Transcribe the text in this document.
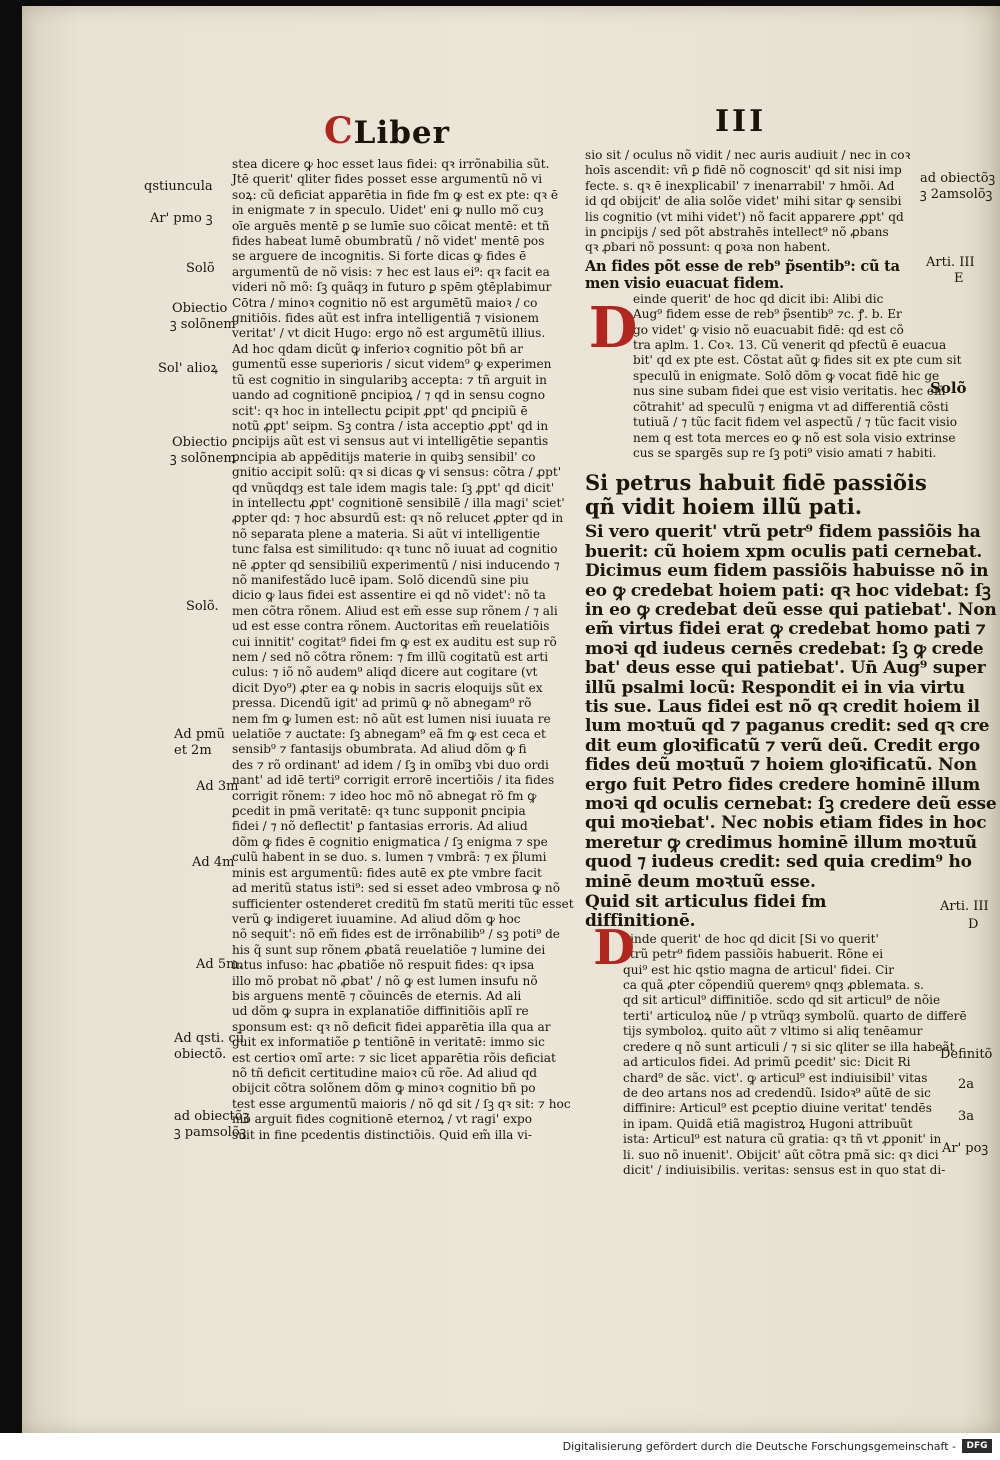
CLiber	III
stea dicere ꝙ hoc esset laus fidei: qꝛ irrõnabilia sũt.
Jtē querit' qliter fides posset esse argumentũ nõ vi
soꝝ: cũ deficiat apparētia in fide fm ꝙ est ex pte: qꝛ ē
in enigmate ⁊ in speculo. Uidet' eni ꝙ nullo mõ cuȝ
oīe arguēs mentē ꝑ se lumīe suo cõicat mentē: et tñ
fides habeat lumē obumbratũ / nõ videt' mentē pos
se arguere de incognitis. Si forte dicas ꝙ fides ē
argumentũ de nõ visis: ⁊ hec est laus ei⁹: qꝛ facit ea
videri nõ mõ: ſꝫ quãqȝ in futuro ꝑ spēm ꝯtēplabimur
Cōtra / minoꝛ cognitio nõ est argumētũ maioꝛ / co
gnitiōis. fides aũt est infra intelligentiã ⁊ visionem
veritat' / vt dicit Hugo: ergo nõ est argumētũ illius.
Ad hoc qdam dicũt ꝙ inferioꝛ cognitio põt bñ ar
gumentũ esse superioris / sicut videm⁹ ꝙ experimen
tũ est cognitio in singularibꝫ accepta: ⁊ tñ arguit in
uando ad cognitionē ꝑncipioꝝ / ⁊ qd in sensu cogno
scit': qꝛ hoc in intellectu ꝑcipit ꝓpt' qd ꝑncipiũ ē
notũ ꝓpt' seipm. Sꝫ contra / ista acceptio ꝓpt' qd in
ꝑncipijs aũt est vi sensus aut vi intelligētie sepantis
ꝑncipia ab appēditijs materie in quibꝫ sensibil' co
gnitio accipit solũ: qꝛ si dicas ꝙ vi sensus: cõtra / ꝓpt'
qd vnũqdqȝ est tale idem magis tale: ſꝫ ꝓpt' qd dicit'
in intellectu ꝓpt' cognitionē sensibilē / illa magi' sciet'
ꝓpter qd: ⁊ hoc absurdũ est: qꝛ nõ relucet ꝓpter qd in
nõ separata plene a materia. Si aũt vi intelligentie
tunc falsa est similitudo: qꝛ tunc nõ iuuat ad cognitio
nē ꝓpter qd sensibiliũ experimentũ / nisi inducendo ⁊
nõ manifestãdo lucē ipam. Solõ dicendũ sine piu
dicio ꝙ laus fidei est assentire ei qd nõ videt': nõ ta
men cõtra rõnem. Aliud est em̃ esse sup rõnem / ⁊ ali
ud est esse contra rõnem. Auctoritas em̃ reuelatiõis
cui innitit' cogitat⁹ fidei fm ꝙ est ex auditu est sup rõ
nem / sed nõ cõtra rõnem: ⁊ fm illũ cogitatũ est arti
culus: ⁊ iõ nõ audem⁹ aliqd dicere aut cogitare (vt
dicit Dyo⁹) ꝓter ea ꝙ nobis in sacris eloquijs sũt ex
pressa. Dicendũ igit' ad primũ ꝙ nõ abnegam⁹ rõ
nem fm ꝙ lumen est: nõ aũt est lumen nisi iuuata re
uelatiõe ⁊ auctate: ſꝫ abnegam⁹ eã fm ꝙ est ceca et
sensib⁹ ⁊ fantasijs obumbrata. Ad aliud dõm ꝙ fi
des ⁊ rõ ordinant' ad idem / ſꝫ in omĩbꝫ vbi duo ordi
nant' ad idē terti⁹ corrigit errorē incertiõis / ita fides
corrigit rõnem: ⁊ ideo hoc mõ nõ abnegat rõ fm ꝙ
ꝑcedit in pmã veritatē: qꝛ tunc supponit ꝑncipia
fidei / ⁊ nõ deflectit' ꝑ fantasias erroris. Ad aliud
dõm ꝙ fides ē cognitio enigmatica / ſꝫ enigma ⁊ spe
culũ habent in se duo. s. lumen ⁊ vmbrã: ⁊ ex p̃lumi
minis est argumentũ: fides autē ex ꝑte vmbre facit
ad meritũ status isti⁹: sed si esset adeo vmbrosa ꝙ nõ
sufficienter ostenderet creditũ fm statũ meriti tũc esset
verũ ꝙ indigeret iuuamine. Ad aliud dõm ꝙ hoc
nõ sequit': nõ em̃ fides est de irrõnabilib⁹ / sꝫ poti⁹ de
his q̃ sunt sup rõnem ꝓbatã reuelatiõe ⁊ lumine dei
intus infuso: hac ꝓbatiõe nõ respuit fides: qꝛ ipsa
illo mõ probat nõ ꝓbat' / nõ ꝙ est lumen insufu nõ
bis arguens mentē ⁊ cõuincēs de eternis. Ad ali
ud dõm ꝙ supra in explanatiõe diffinitiõis aplĩ re
sponsum est: qꝛ nõ deficit fidei apparētia illa qua ar
guit ex informatiõe ꝑ tentiõnē in veritatē: immo sic
est certioꝛ omĩ arte: ⁊ sic licet apparētia rõis deficiat
nõ tñ deficit certitudine maioꝛ cũ rõe. Ad aliud qd
obijcit cõtra solõnem dõm ꝙ minoꝛ cognitio bñ po
test esse argumentũ maioris / nõ qd sit / ſꝫ qꝛ sit: ⁊ hoc
mõ arguit fides cognitionē eternoꝝ / vt ragi' expo
suit in fine pcedentis distinctiõis. Quid em̃ illa vi-
sio sit / oculus nõ vidit / nec auris audiuit / nec in coꝛ
hoīs ascendit: vñ ꝑ fidē nõ cognoscit' qd sit nisi imp
fecte. s. qꝛ ē inexplicabil' ⁊ inenarrabil' ⁊ hmõi. Ad
id qd obijcit' de alia solõe videt' mihi sitar ꝙ sensibi
lis cognitio (vt mihi videt') nõ facit apparere ꝓpt' qd
in ꝑncipijs / sed põt abstrahēs intellect⁹ nõ ꝓbans
qꝛ ꝓbari nõ possunt: q ꝑoꝛa non habent.
An fides põt esse de reb⁹ p̃sentib⁹: cũ ta
men visio euacuat fidem.
einde querit' de hoc qd dicit ibi: Alibi dic
Aug⁹ fidem esse de reb⁹ p̃sentib⁹ ⁊c. ꝭ. b. Er
go videt' ꝙ visio nõ euacuabit fidē: qd est cõ
tra aplm. 1. Coꝛ. 13. Cũ venerit qd pfectũ ē euacua
bit' qd ex pte est. Cõstat aũt ꝙ fides sit ex pte cum sit
speculũ in enigmate. Solõ dõm ꝙ vocat fidē hic ge
nus sine subam fidei que est visio veritatis. hec em̃
cõtrahit' ad speculũ ⁊ enigma vt ad differentiã cõsti
tutiuã / ⁊ tũc facit fidem vel aspectũ / ⁊ tũc facit visio
nem q est tota merces eo ꝙ nõ est sola visio extrinse
cus se spargēs sup re ſꝫ poti⁹ visio amati ⁊ habiti.
Si petrus habuit fidē passiõis
qñ vidit hoiem illũ pati.
Si vero querit' vtrũ petr⁹ fidem passiõis ha
buerit: cũ hoiem xpm oculis pati cernebat.
Dicimus eum fidem passiõis habuisse nõ in
eo ꝙ credebat hoiem pati: qꝛ hoc videbat: ſꝫ
in eo ꝙ credebat deũ esse qui patiebat'. Non
em̃ virtus fidei erat ꝙ credebat homo pati ⁊
moꝛi qd iudeus cernēs credebat: ſꝫ ꝙ crede
bat' deus esse qui patiebat'. Un̄ Aug⁹ super
illũ psalmi locũ: Respondit ei in via virtu
tis sue. Laus fidei est nõ qꝛ credit hoiem il
lum moꝛtuũ qd ⁊ paganus credit: sed qꝛ cre
dit eum gloꝛificatũ ⁊ verũ deũ. Credit ergo
fides deũ moꝛtuũ ⁊ hoiem gloꝛificatũ. Non
ergo fuit Petro fides credere hominē illum
moꝛi qd oculis cernebat: ſꝫ credere deũ esse
qui moꝛiebat'. Nec nobis etiam fides in hoc
meretur ꝙ credimus hominē illum moꝛtuũ
quod ⁊ iudeus credit: sed quia credim⁹ ho
minē deum moꝛtuũ esse.
Quid sit articulus fidei fm diffinitionē.
einde querit' de hoc qd dicit [Si vo querit'
vtrũ petr⁹ fidem passiõis habuerit. Rõne ei
qui⁹ est hic qstio magna de articul' fidei. Cir
ca quã ꝓter cõpendiũ queremꝰ qnqȝ ꝓblemata. s.
qd sit articul⁹ diffinitiõe. scdo qd sit articul⁹ de nõie
terti' articuloꝝ nũe / p vtrũqȝ symbolũ. quarto de differē
tijs symboloꝝ. quito aũt ⁊ vltimo si aliq tenēamur
credere q nõ sunt articuli / ⁊ si sic qliter se illa habeãt
ad articulos fidei. Ad primũ ꝑcedit' sic: Dicit Ri
chard⁹ de sãc. vict'. ꝙ articul⁹ est indiuisibil' vitas
de deo artans nos ad credendũ. Isidoꝛ⁹ aũtē de sic
diffinire: Articul⁹ est ꝑceptio diuine veritat' tendēs
in ipam. Quidã etiã magistroꝝ Hugoni attribuũt
ista: Articul⁹ est natura cũ gratia: qꝛ tñ vt ꝓponit' in
li. suo nõ inuenit'. Obijcit' aũt cõtra pmã sic: qꝛ dici
dicit' / indiuisibilis. veritas: sensus est in quo stat di-
D
D
qstiuncula
Ar' pmo ꝫ
Solõ
Obiectio
ꝫ solõnem
Sol' alioꝝ
Obiectio
ꝫ solõnem
Solõ.
Ad pmũ
et 2m
Ad 3m
Ad 4m
Ad 5m.
Ad qsti. cũ
obiectõ.
ad obiectõꝫ
ꝫ pamsolõꝫ
ad obiectõꝫ
ꝫ 2amsolõꝫ
Arti. III
E
Solõ
Arti. III
D
Definitõ
2a
3a
Ar' poꝫ
Digitalisierung gefördert durch die Deutsche Forschungsgemeinschaft -	DFG
